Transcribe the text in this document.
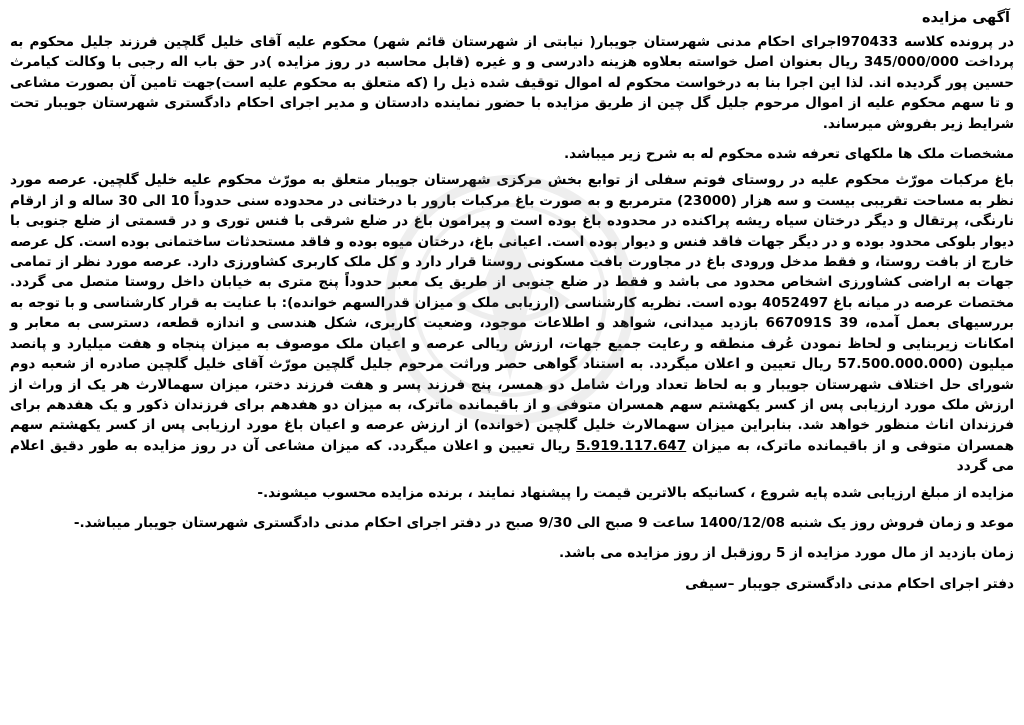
آگهی مزایده

در پرونده کلاسه 970433اجرای احکام مدنی شهرستان جویبار( نیابتی از شهرستان قائم شهر) محکوم علیه آقای خلیل گلچین فرزند جلیل محکوم به پرداخت 345/000/000 ریال بعنوان اصل خواسته بعلاوه هزینه دادرسی و و غیره (قابل محاسبه در روز مزایده )در حق باب اله رجبی با وکالت کیامرث حسین پور گردیده اند. لذا این اجرا بنا به درخواست محکوم له اموال توقیف شده ذیل را (که متعلق به محکوم علیه است)جهت تامین آن بصورت مشاعی و تا سهم محکوم علیه از اموال مرحوم جلیل گل چین از طریق مزایده با حضور نماینده دادستان و مدیر اجرای احکام دادگستری شهرستان جویبار تحت شرایط زیر بفروش میرساند.

مشخصات ملک ها ملکهای تعرفه شده محکوم له به شرح زیر میباشد.

باغ مرکبات مورّث محکوم علیه در روستای فوتم سفلی از توابع بخش مرکزی شهرستان جویبار متعلق به مورّث محکوم علیه خلیل گلچین. عرصه مورد نظر به مساحت تقریبی بیست و سه هزار (23000) مترمربع و به صورت باغ مرکبات بارور با درختانی در محدوده سنی حدوداً 10 الی 30 ساله و از ارقام نارنگی، پرتقال و دیگر درختان سیاه ریشه پراکنده در محدوده باغ بوده است و پیرامون باغ در ضلع شرقی با فنس توری و در قسمتی از ضلع جنوبی با دیوار بلوکی محدود بوده و در دیگر جهات فاقد فنس و دیوار بوده است. اعیانی باغ، درختان میوه بوده و فاقد مستحدثات ساختمانی بوده است. کل عرصه خارج از بافت روستا، و فقط مدخل ورودی باغ در مجاورت بافت مسکونی روستا قرار دارد و کل ملک کاربری کشاورزی دارد. عرصه مورد نظر از تمامی جهات به اراضی کشاورزی اشخاص محدود می باشد و فقط در ضلع جنوبی از طریق یک معبر حدوداً پنج متری به خیابان داخل روستا متصل می گردد. مختصات عرصه در میانه باغ 4052497 بوده است. نظریه کارشناسی (ارزیابی ملک و میزان قدرالسهم خوانده): با عنایت به قرار کارشناسی و با توجه به بررسیهای بعمل آمده، 39 667091S بازدید میدانی، شواهد و اطلاعات موجود، وضعیت کاربری، شکل هندسی و اندازه قطعه، دسترسی به معابر و امکانات زیربنایی و لحاظ نمودن عُرف منطقه و رعایت جمیع جهات، ارزش ریالی عرصه و اعیان ملک موصوف به میزان پنجاه و هفت میلیارد و پانصد میلیون (57.500.000.000 ریال تعیین و اعلان میگردد. به استناد گواهی حصر وراثت مرحوم جلیل گلچین مورّث آقای خلیل گلچین صادره از شعبه دوم شورای حل اختلاف شهرستان جویبار و به لحاظ تعداد وراث شامل دو همسر، پنج فرزند پسر و هفت فرزند دختر، میزان سهمالارث هر یک از وراث از ارزش ملک مورد ارزیابی پس از کسر یکهشتم سهم همسران متوفی و از باقیمانده ماترک، به میزان دو هفدهم برای فرزندان ذکور و یک هفدهم برای فرزندان اناث منظور خواهد شد. بنابراین میزان سهمالارث خلیل گلچین (خوانده) از ارزش عرصه و اعیان باغ مورد ارزیابی پس از کسر یکهشتم سهم همسران متوفی و از باقیمانده ماترک، به میزان 5.919.117.647 ریال تعیین و اعلان میگردد. که میزان مشاعی آن در روز مزایده به طور دقیق اعلام می گردد

مزایده از مبلغ ارزیابی شده پایه شروع ، کسانیکه بالاترین قیمت را پیشنهاد نمایند ، برنده مزایده محسوب میشوند.-
موعد و زمان فروش روز یک شنبه 1400/12/08 ساعت 9 صبح الی 9/30 صبح در دفتر اجرای احکام مدنی دادگستری شهرستان جویبار میباشد.-
زمان بازدید از مال مورد مزایده از 5 روزقبل از روز مزایده می باشد.
دفتر اجرای احکام مدنی دادگستری جویبار –سیفی
